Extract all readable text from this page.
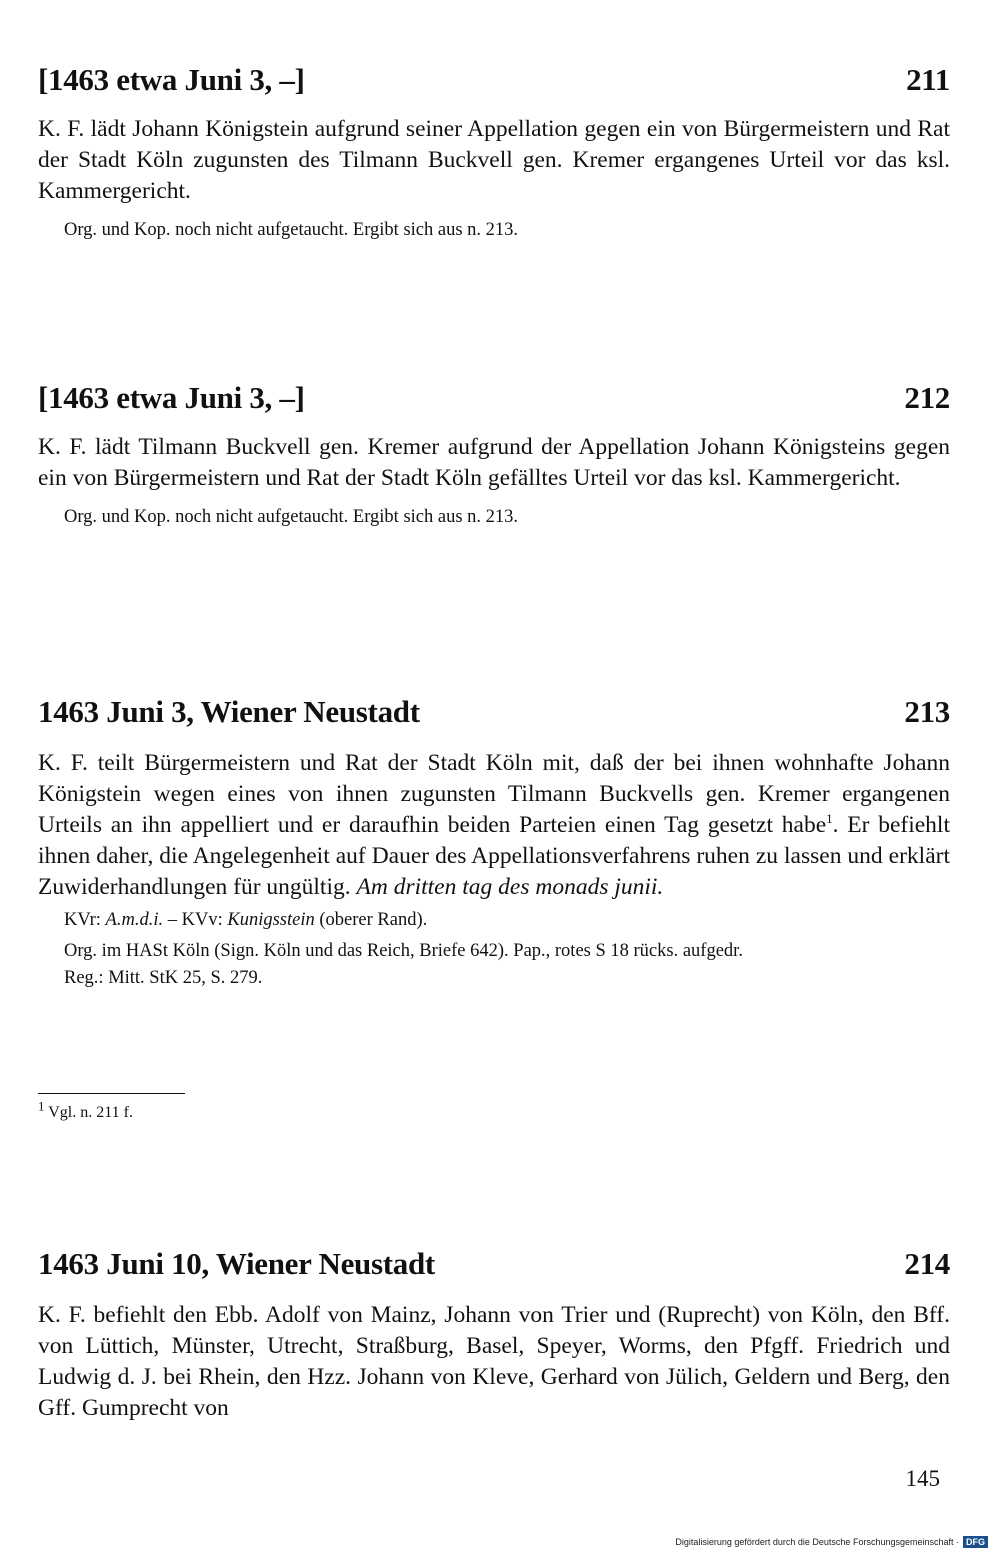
[1463 etwa Juni 3, –]	211

K. F. lädt Johann Königstein aufgrund seiner Appellation gegen ein von Bürgermeistern und Rat der Stadt Köln zugunsten des Tilmann Buckvell gen. Kremer ergangenes Urteil vor das ksl. Kammergericht.

Org. und Kop. noch nicht aufgetaucht. Ergibt sich aus n. 213.

[1463 etwa Juni 3, –]	212

K. F. lädt Tilmann Buckvell gen. Kremer aufgrund der Appellation Johann Königsteins gegen ein von Bürgermeistern und Rat der Stadt Köln gefälltes Urteil vor das ksl. Kammergericht.

Org. und Kop. noch nicht aufgetaucht. Ergibt sich aus n. 213.

1463 Juni 3, Wiener Neustadt	213

K. F. teilt Bürgermeistern und Rat der Stadt Köln mit, daß der bei ihnen wohnhafte Johann Königstein wegen eines von ihnen zugunsten Tilmann Buckvells gen. Kremer ergangenen Urteils an ihn appelliert und er daraufhin beiden Parteien einen Tag gesetzt habe$^1$. Er befiehlt ihnen daher, die Angelegenheit auf Dauer des Appellationsverfahrens ruhen zu lassen und erklärt Zuwiderhandlungen für ungültig. Am dritten tag des monads junii.

KVr: A.m.d.i. – KVv: Kunigsstein (oberer Rand).

Org. im HASt Köln (Sign. Köln und das Reich, Briefe 642). Pap., rotes S 18 rücks. aufgedr.

Reg.: Mitt. StK 25, S. 279.

$^1$ Vgl. n. 211 f.
1463 Juni 10, Wiener Neustadt	214

K. F. befiehlt den Ebb. Adolf von Mainz, Johann von Trier und (Ruprecht) von Köln, den Bff. von Lüttich, Münster, Utrecht, Straßburg, Basel, Speyer, Worms, den Pfgff. Friedrich und Ludwig d. J. bei Rhein, den Hzz. Johann von Kleve, Gerhard von Jülich, Geldern und Berg, den Gff. Gumprecht von

145
Digitalisierung gefördert durch die Deutsche Forschungsgemeinschaft · DFG
